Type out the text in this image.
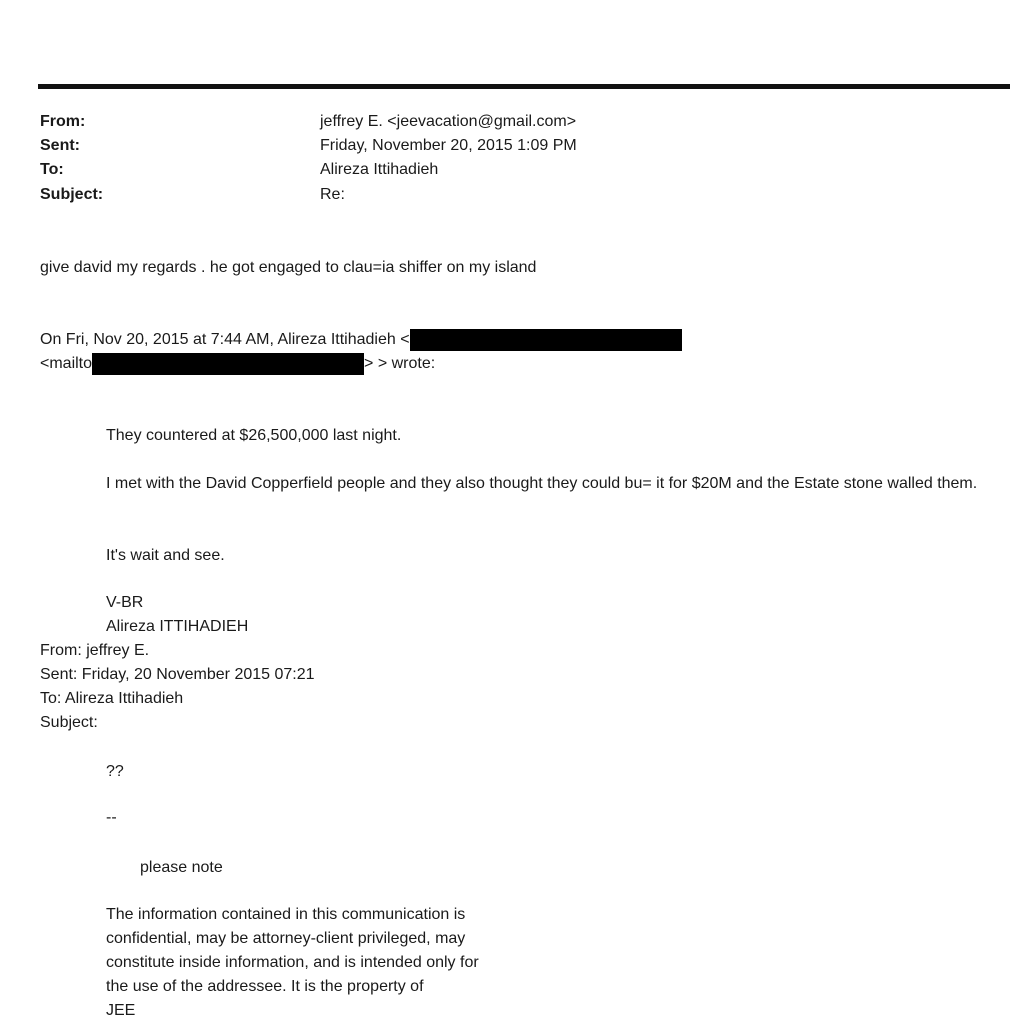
From:	jeffrey E. <jeevacation@gmail.com>
Sent:	Friday, November 20, 2015 1:09 PM
To:	Alireza Ittihadieh
Subject:	Re:
give david my regards . he got engaged to clau=ia shiffer on my island
On Fri, Nov 20, 2015 at 7:44 AM, Alireza Ittihadieh <
<mailto	> > wrote:
They countered at $26,500,000 last night.
I met with the David Copperfield people and they also thought they could bu= it for $20M and the Estate stone walled them.
It's wait and see.
V-BR
Alireza ITTIHADIEH
From: jeffrey E.
Sent: Friday, 20 November 2015 07:21
To: Alireza Ittihadieh
Subject:
??
--
please note
The information contained in this communication is
confidential, may be attorney-client privileged, may
constitute inside information, and is intended only for
the use of the addressee. It is the property of
JEE
